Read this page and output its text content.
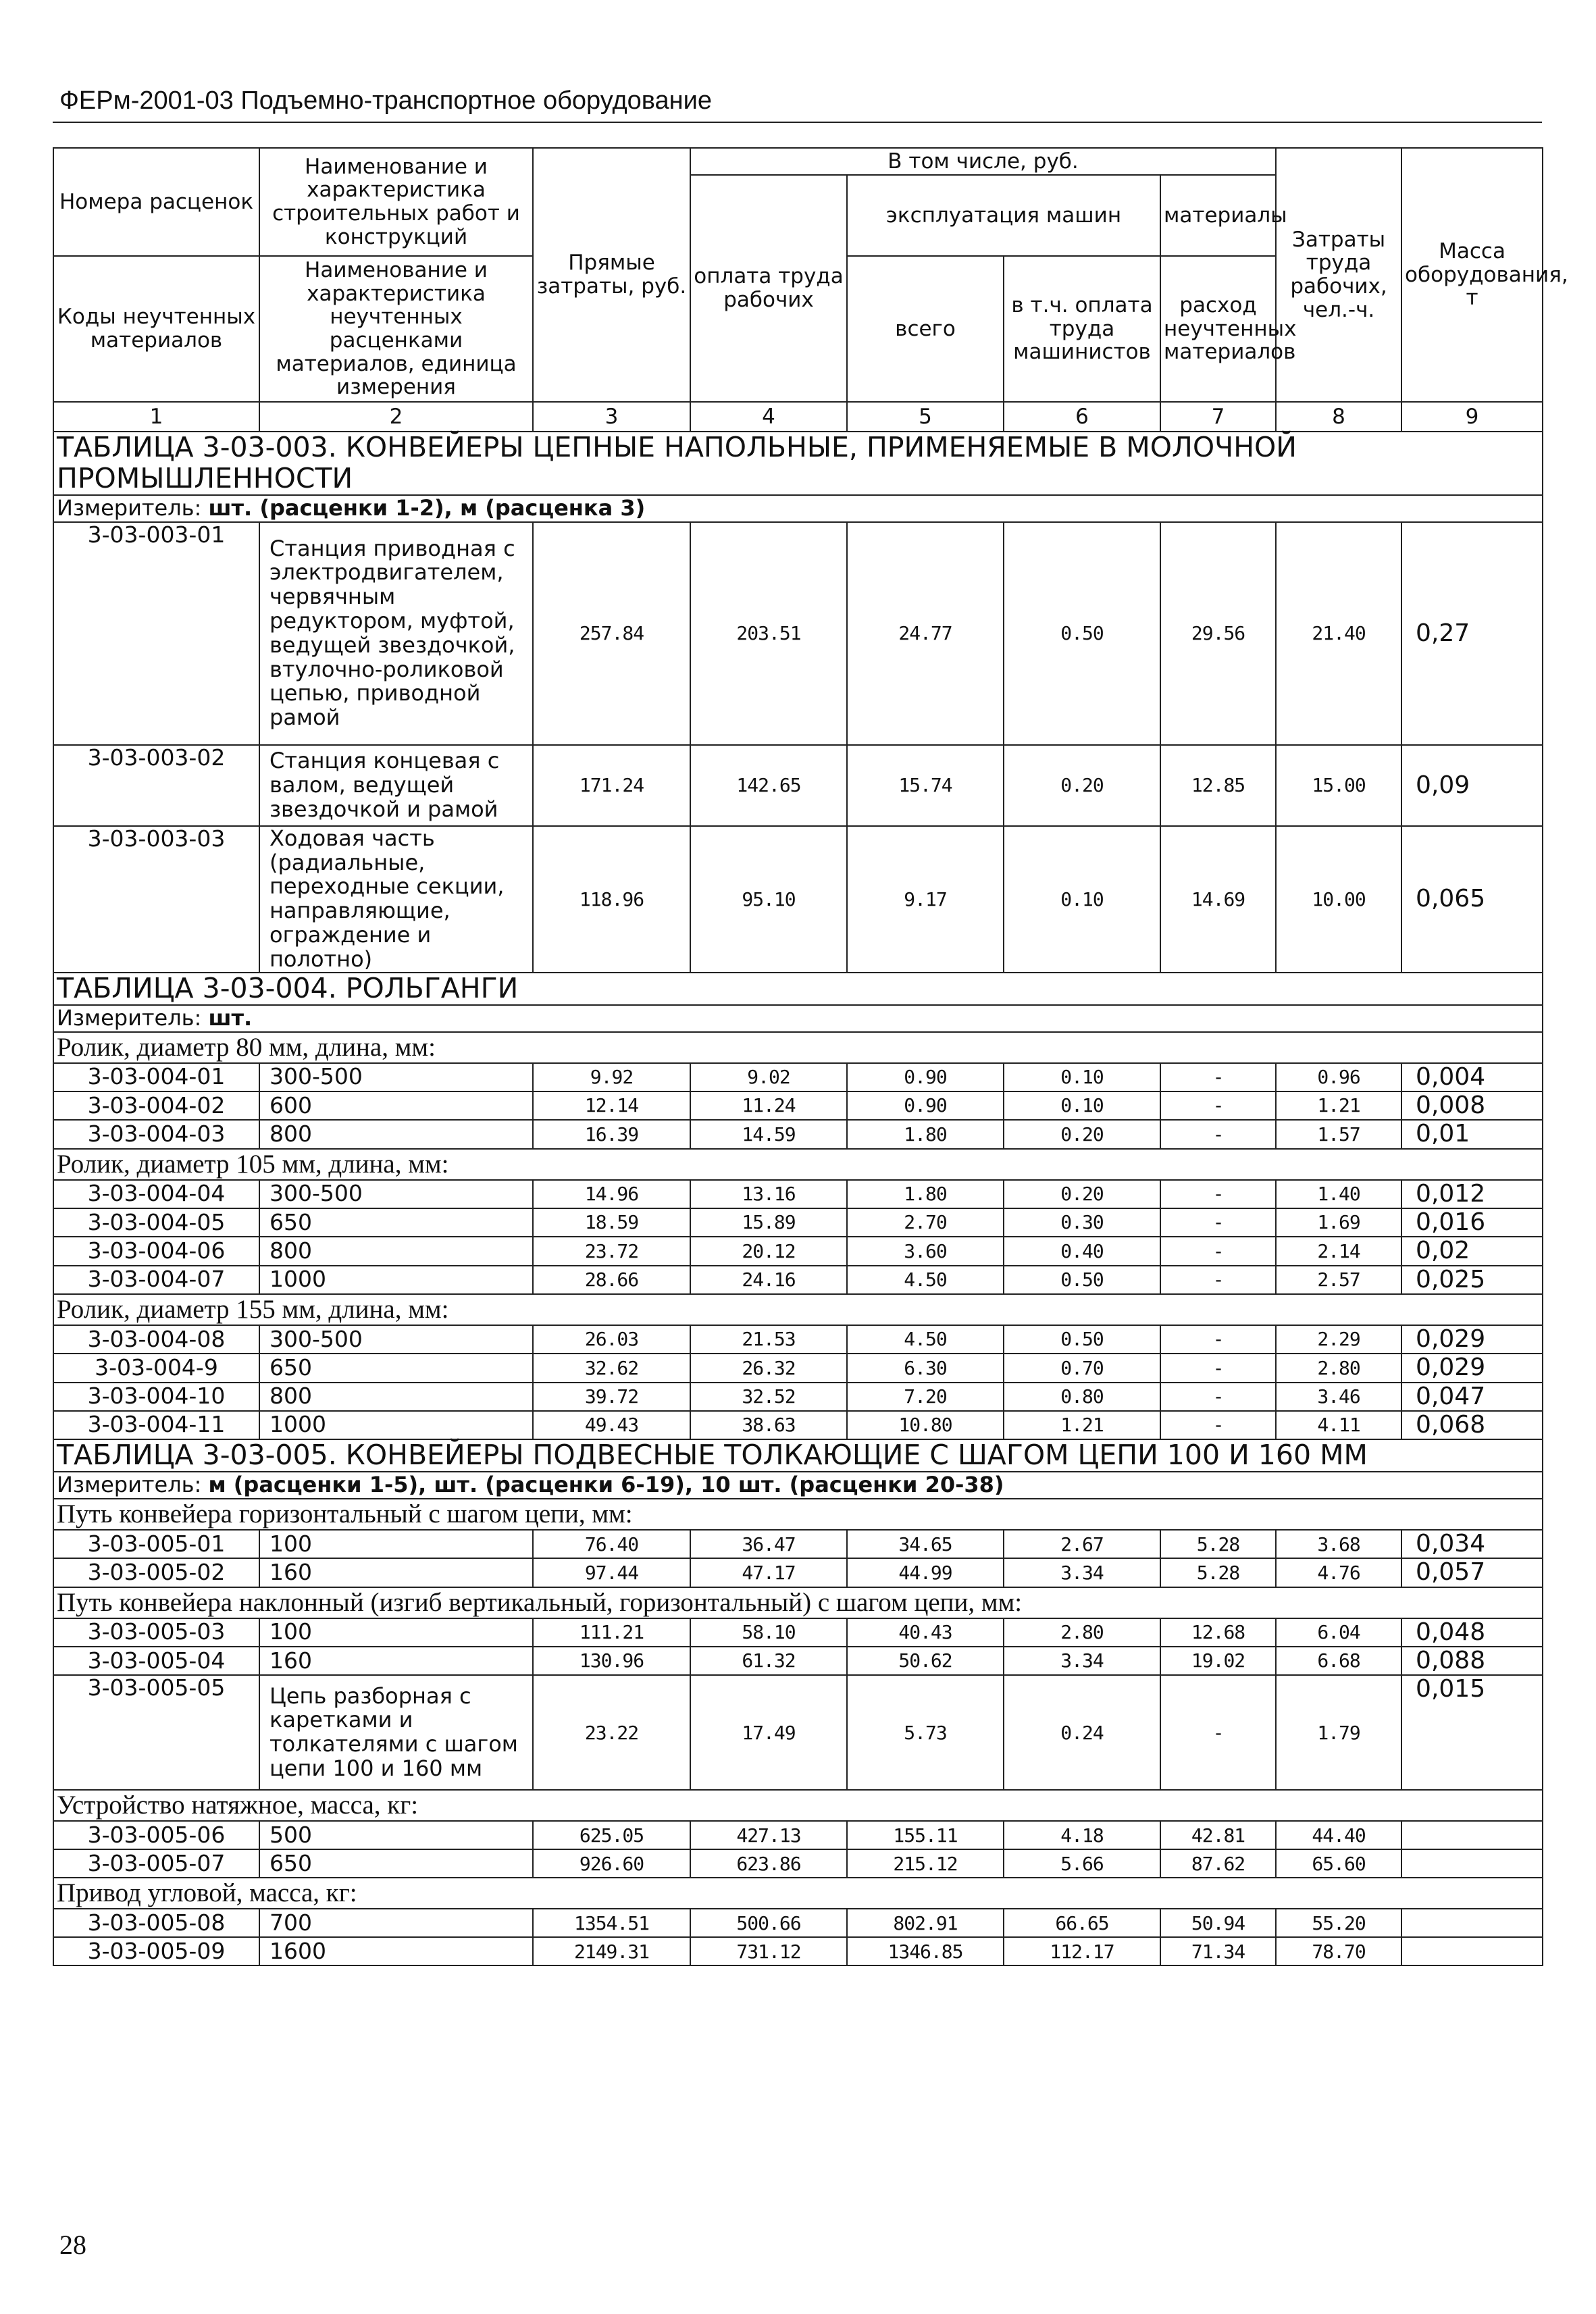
ФЕРм-2001-03 Подъемно-транспортное оборудование
Номера расценок	Наименование и характеристика строительных работ и конструкций	Прямые затраты, руб.	В том числе, руб.				Затраты труда рабочих, чел.-ч.	Масса оборудования, т
			оплата труда рабочих	эксплуатация машин		материалы		
Коды неучтенных материалов	Наименование и характеристика неучтенных расценками материалов, единица измерения			всего	в т.ч. оплата труда машинистов	расход неучтенных материалов		

1	2	3	4	5	6	7	8	9
ТАБЛИЦА 3-03-003. КОНВЕЙЕРЫ ЦЕПНЫЕ НАПОЛЬНЫЕ, ПРИМЕНЯЕМЫЕ В МОЛОЧНОЙ ПРОМЫШЛЕННОСТИ								
Измеритель: шт. (расценки 1-2), м (расценка 3)								
3-03-003-01	Станция приводная с электродвигателем, червячным редуктором, муфтой, ведущей звездочкой, втулочно-роликовой цепью, приводной рамой	257.84	203.51	24.77	0.50	29.56	21.40	0,27
3-03-003-02	Станция концевая с валом, ведущей звездочкой и рамой	171.24	142.65	15.74	0.20	12.85	15.00	0,09
3-03-003-03	Ходовая часть (радиальные, переходные секции, направляющие, ограждение и полотно)	118.96	95.10	9.17	0.10	14.69	10.00	0,065
ТАБЛИЦА 3-03-004. РОЛЬГАНГИ								
Измеритель: шт.								
Ролик, диаметр 80 мм, длина, мм:								
3-03-004-01	300-500	9.92	9.02	0.90	0.10	-	0.96	0,004
3-03-004-02	600	12.14	11.24	0.90	0.10	-	1.21	0,008
3-03-004-03	800	16.39	14.59	1.80	0.20	-	1.57	0,01
Ролик, диаметр 105 мм, длина, мм:								
3-03-004-04	300-500	14.96	13.16	1.80	0.20	-	1.40	0,012
3-03-004-05	650	18.59	15.89	2.70	0.30	-	1.69	0,016
3-03-004-06	800	23.72	20.12	3.60	0.40	-	2.14	0,02
3-03-004-07	1000	28.66	24.16	4.50	0.50	-	2.57	0,025
Ролик, диаметр 155 мм, длина, мм:								
3-03-004-08	300-500	26.03	21.53	4.50	0.50	-	2.29	0,029
3-03-004-9	650	32.62	26.32	6.30	0.70	-	2.80	0,029
3-03-004-10	800	39.72	32.52	7.20	0.80	-	3.46	0,047
3-03-004-11	1000	49.43	38.63	10.80	1.21	-	4.11	0,068
ТАБЛИЦА 3-03-005. КОНВЕЙЕРЫ ПОДВЕСНЫЕ ТОЛКАЮЩИЕ С ШАГОМ ЦЕПИ 100 И 160 ММ								
Измеритель: м (расценки 1-5), шт. (расценки 6-19), 10 шт. (расценки 20-38)								
Путь конвейера горизонтальный с шагом цепи, мм:								
3-03-005-01	100	76.40	36.47	34.65	2.67	5.28	3.68	0,034
3-03-005-02	160	97.44	47.17	44.99	3.34	5.28	4.76	0,057
Путь конвейера наклонный (изгиб вертикальный, горизонтальный) с шагом цепи, мм:								
3-03-005-03	100	111.21	58.10	40.43	2.80	12.68	6.04	0,048
3-03-005-04	160	130.96	61.32	50.62	3.34	19.02	6.68	0,088
3-03-005-05	Цепь разборная с каретками и толкателями с шагом цепи 100 и 160 мм	23.22	17.49	5.73	0.24	-	1.79	0,015
Устройство натяжное, масса, кг:								
3-03-005-06	500	625.05	427.13	155.11	4.18	42.81	44.40	
3-03-005-07	650	926.60	623.86	215.12	5.66	87.62	65.60	
Привод угловой, масса, кг:								
3-03-005-08	700	1354.51	500.66	802.91	66.65	50.94	55.20	
3-03-005-09	1600	2149.31	731.12	1346.85	112.17	71.34	78.70	
28
